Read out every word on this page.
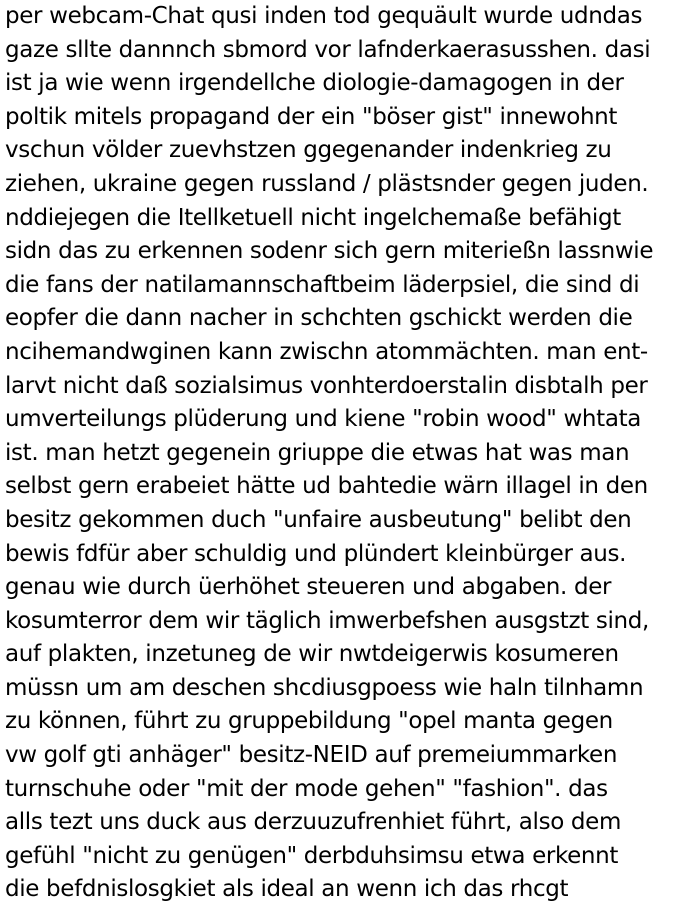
per webcam-Chat qusi inden tod gequäult wurde udndas
gaze sllte dannnch sbmord vor lafnderkaerasusshen. dasi
ist ja wie wenn irgendellche diologie-damagogen in der
poltik mitels propagand der ein "böser gist" innewohnt
vschun völder zuevhstzen ggegenander indenkrieg zu
ziehen, ukraine gegen russland / plästsnder gegen juden.
nddiejegen die Itellketuell nicht ingelchemaße befähigt
sidn das zu erkennen sodenr sich gern miteriеßn lassnwie
die fans der natilamannschaftbeim läderpsiel, die sind di
eopfer die dann nacher in schchten gschickt werden die
ncihemandwginen kann zwischn atommächten. man ent-
larvt nicht daß sozialsimus vonhterdoerstalin disbtalh per
umverteilungs plüderung und kiene "robin wood" whtata
ist. man hetzt gegenein griuppe die etwas hat was man
selbst gern erabeiet hätte ud bahtedie wärn illagel in den
besitz gekommen duch "unfaire ausbeutung" belibt den
bewis fdfür aber schuldig und plündert kleinbürger aus.
genau wie durch üerhöhet steueren und abgaben. der
kosumterror dem wir täglich imwerbefshen ausgstzt sind,
auf plakten, inzetuneg de wir nwtdeigerwis kosumeren
müssn um am deschen shcdiusgpoess wie haln tilnhamn
zu können, führt zu gruppebildung "opel manta gegen
vw golf gti anhäger" besitz-NEID auf premeiummarken
turnschuhe oder "mit der mode gehen" "fashion". das
alls tezt uns duck aus derzuuzufrenhiet führt, also dem
gefühl "nicht zu genügen" derbduhsimsu etwa erkennt
die befdnislosgkiet als ideal an wenn ich das rhcgt
